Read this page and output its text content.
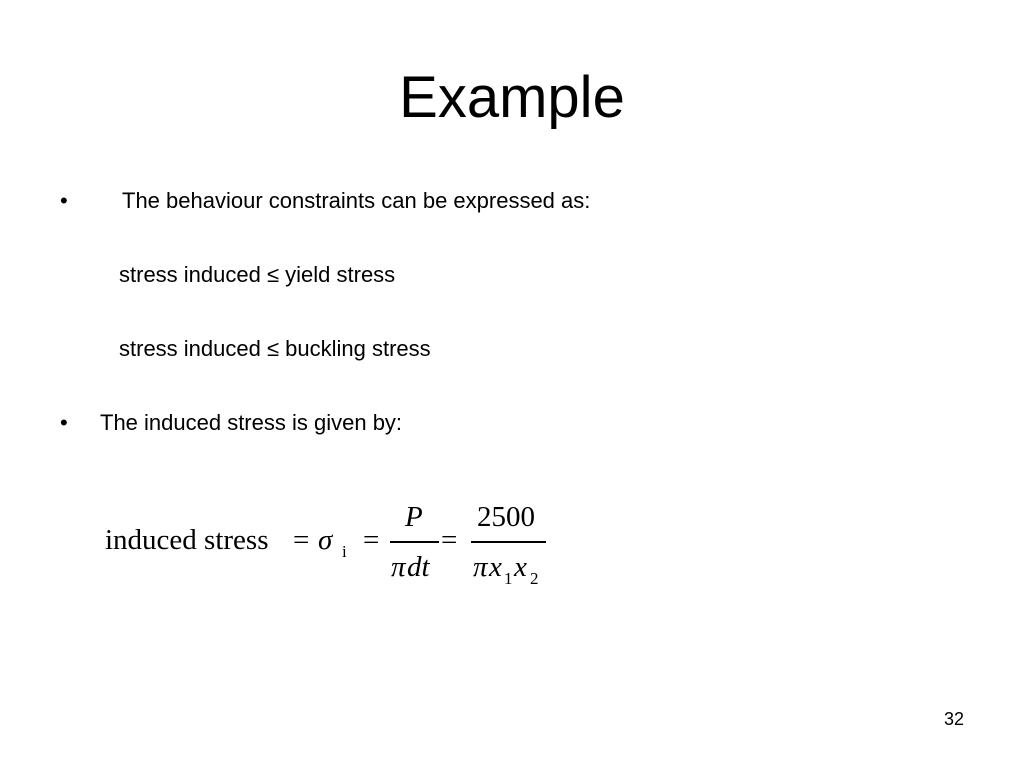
Example
• The behaviour constraints can be expressed as:
stress induced ≤ yield stress
stress induced ≤ buckling stress
• The induced stress is given by:
induced stress = σ i =
P
π dt
=
2500
π x 1 x 2
32
